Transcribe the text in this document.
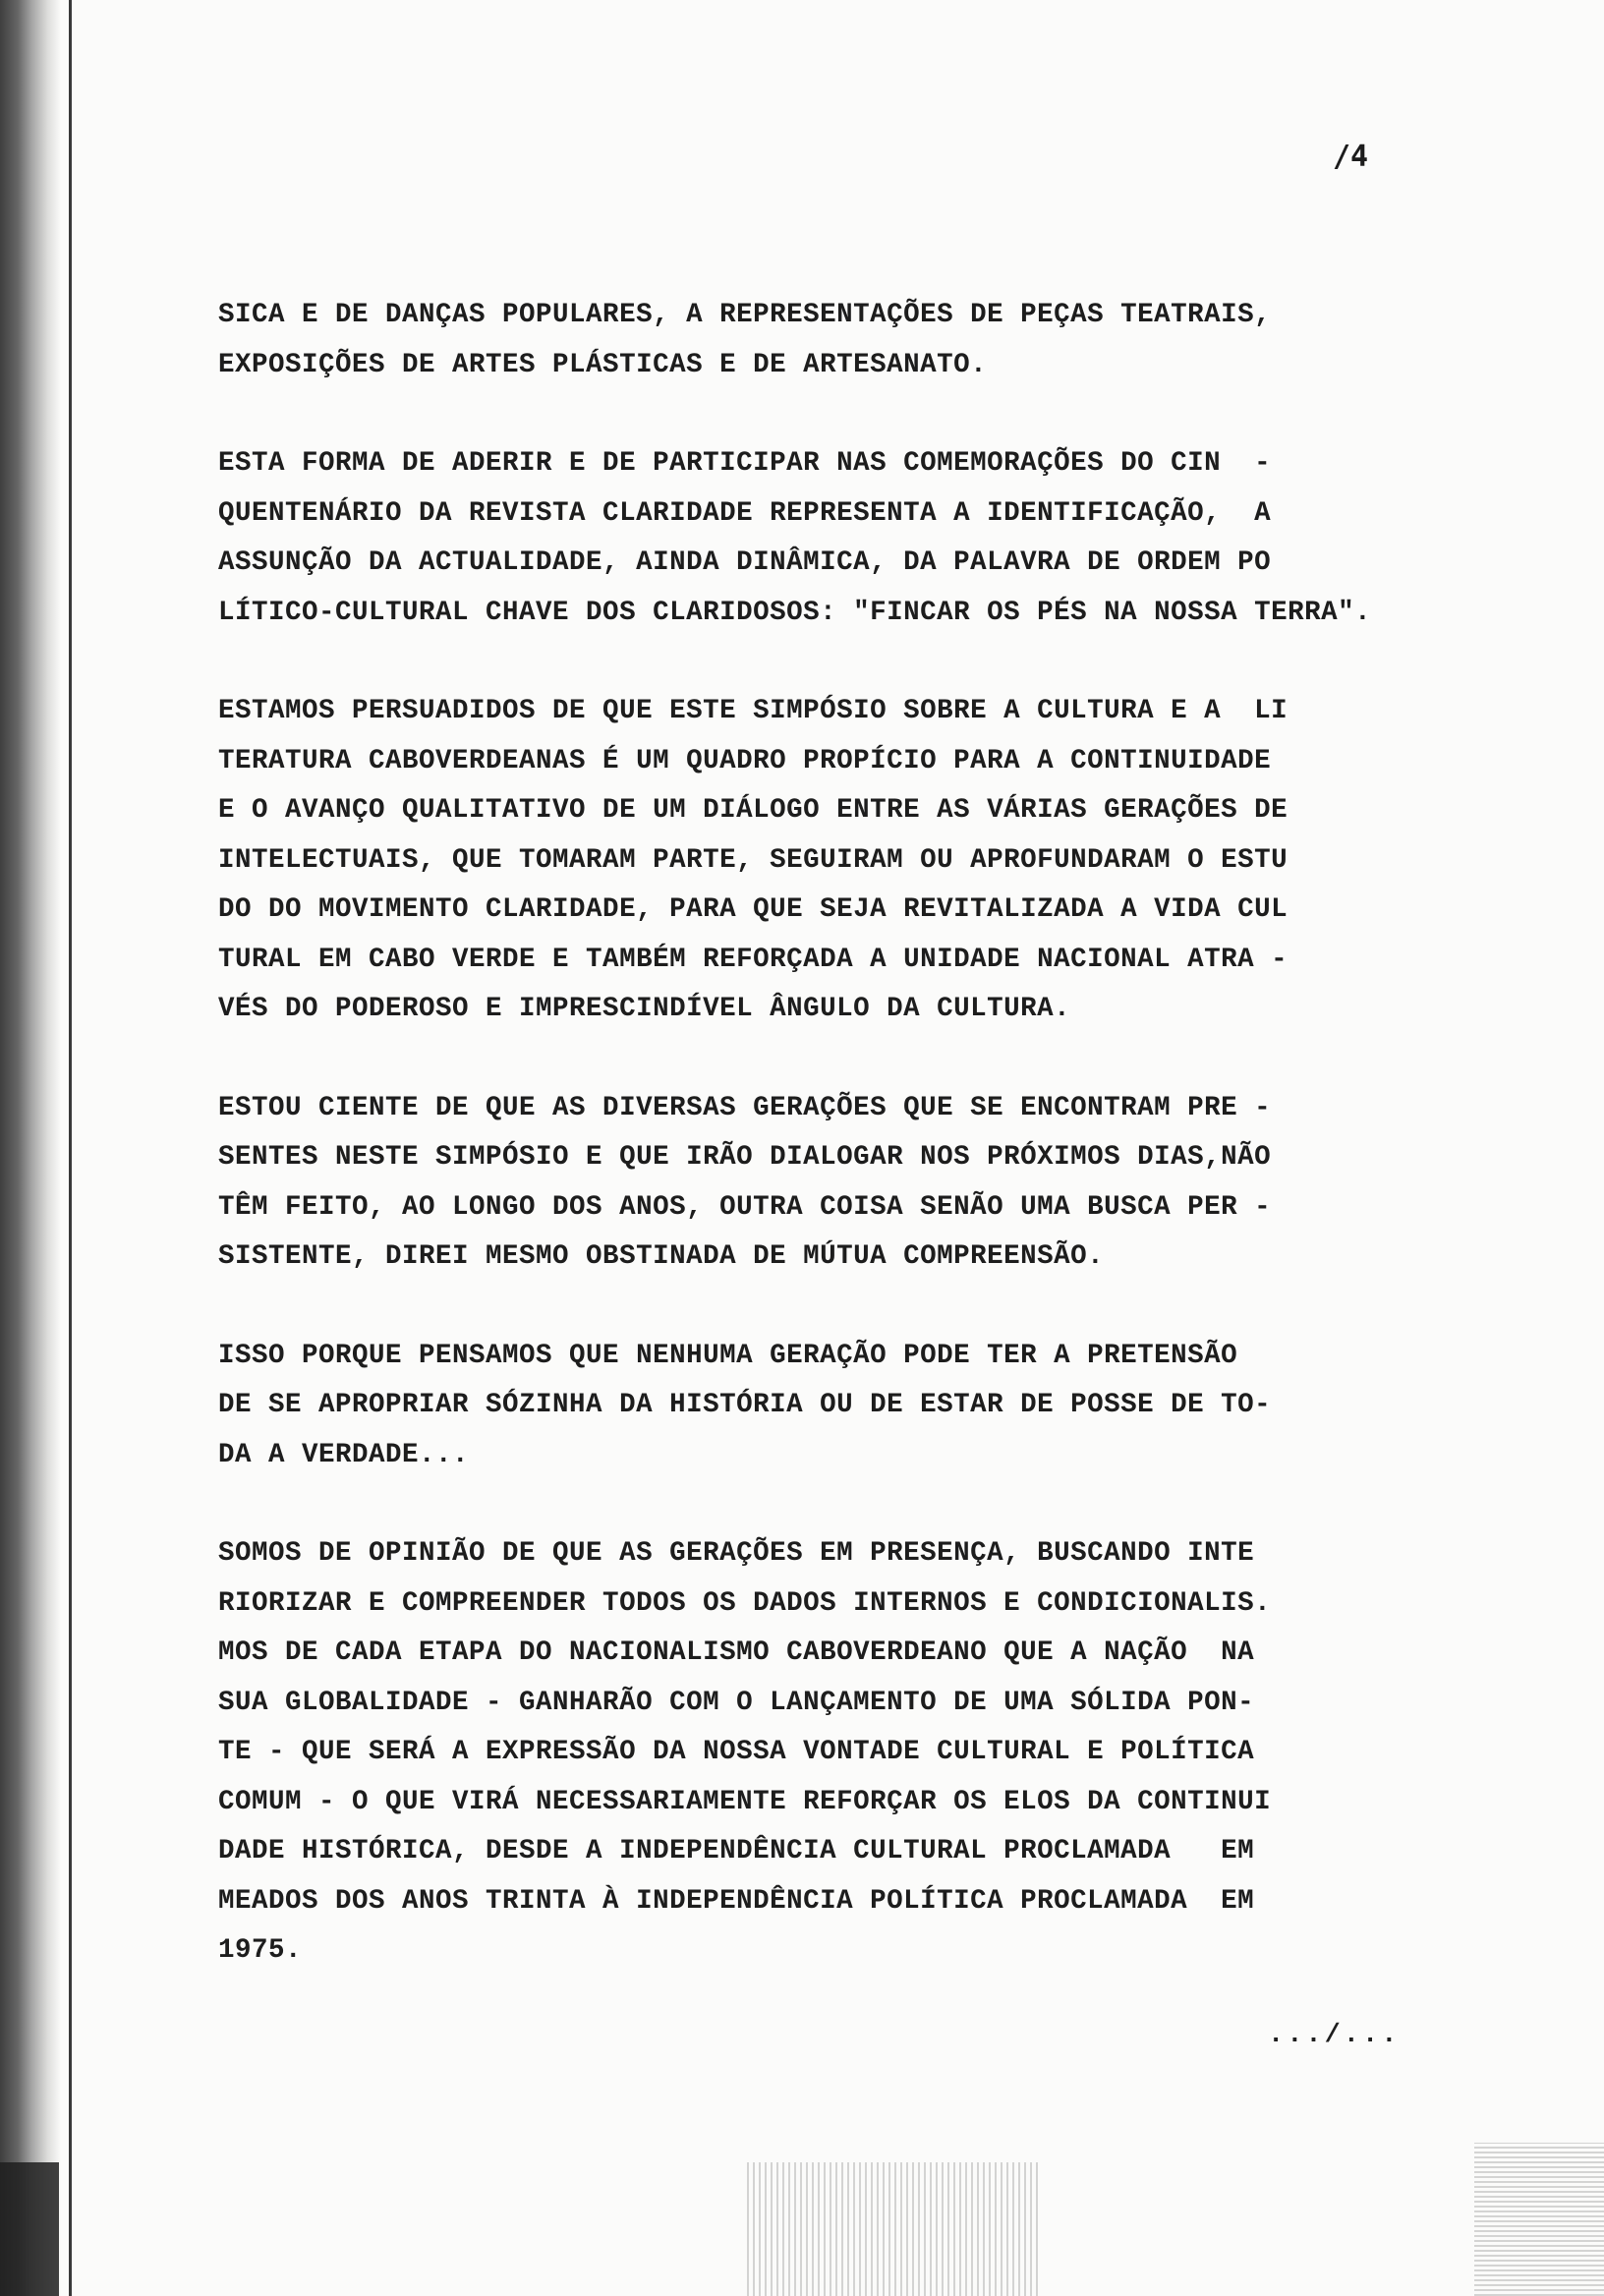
/4

SICA E DE DANÇAS POPULARES, A REPRESENTAÇÕES DE PEÇAS TEATRAIS,
EXPOSIÇÕES DE ARTES PLÁSTICAS E DE ARTESANATO.
ESTA FORMA DE ADERIR E DE PARTICIPAR NAS COMEMORAÇÕES DO CIN  -
QUENTENÁRIO DA REVISTA CLARIDADE REPRESENTA A IDENTIFICAÇÃO,  A
ASSUNÇÃO DA ACTUALIDADE, AINDA DINÂMICA, DA PALAVRA DE ORDEM PO
LÍTICO-CULTURAL CHAVE DOS CLARIDOSOS: "FINCAR OS PÉS NA NOSSA TERRA".
ESTAMOS PERSUADIDOS DE QUE ESTE SIMPÓSIO SOBRE A CULTURA E A  LI
TERATURA CABOVERDEANAS É UM QUADRO PROPÍCIO PARA A CONTINUIDADE
E O AVANÇO QUALITATIVO DE UM DIÁLOGO ENTRE AS VÁRIAS GERAÇÕES DE
INTELECTUAIS, QUE TOMARAM PARTE, SEGUIRAM OU APROFUNDARAM O ESTU
DO DO MOVIMENTO CLARIDADE, PARA QUE SEJA REVITALIZADA A VIDA CUL
TURAL EM CABO VERDE E TAMBÉM REFORÇADA A UNIDADE NACIONAL ATRA -
VÉS DO PODEROSO E IMPRESCINDÍVEL ÂNGULO DA CULTURA.
ESTOU CIENTE DE QUE AS DIVERSAS GERAÇÕES QUE SE ENCONTRAM PRE -
SENTES NESTE SIMPÓSIO E QUE IRÃO DIALOGAR NOS PRÓXIMOS DIAS,NÃO
TÊM FEITO, AO LONGO DOS ANOS, OUTRA COISA SENÃO UMA BUSCA PER -
SISTENTE, DIREI MESMO OBSTINADA DE MÚTUA COMPREENSÃO.
ISSO PORQUE PENSAMOS QUE NENHUMA GERAÇÃO PODE TER A PRETENSÃO
DE SE APROPRIAR SÓZINHA DA HISTÓRIA OU DE ESTAR DE POSSE DE TO-
DA A VERDADE...
SOMOS DE OPINIÃO DE QUE AS GERAÇÕES EM PRESENÇA, BUSCANDO INTE
RIORIZAR E COMPREENDER TODOS OS DADOS INTERNOS E CONDICIONALIS.
MOS DE CADA ETAPA DO NACIONALISMO CABOVERDEANO QUE A NAÇÃO  NA
SUA GLOBALIDADE - GANHARÃO COM O LANÇAMENTO DE UMA SÓLIDA PON-
TE - QUE SERÁ A EXPRESSÃO DA NOSSA VONTADE CULTURAL E POLÍTICA
COMUM - O QUE VIRÁ NECESSARIAMENTE REFORÇAR OS ELOS DA CONTINUI
DADE HISTÓRICA, DESDE A INDEPENDÊNCIA CULTURAL PROCLAMADA   EM
MEADOS DOS ANOS TRINTA À INDEPENDÊNCIA POLÍTICA PROCLAMADA  EM
1975.

.../...
